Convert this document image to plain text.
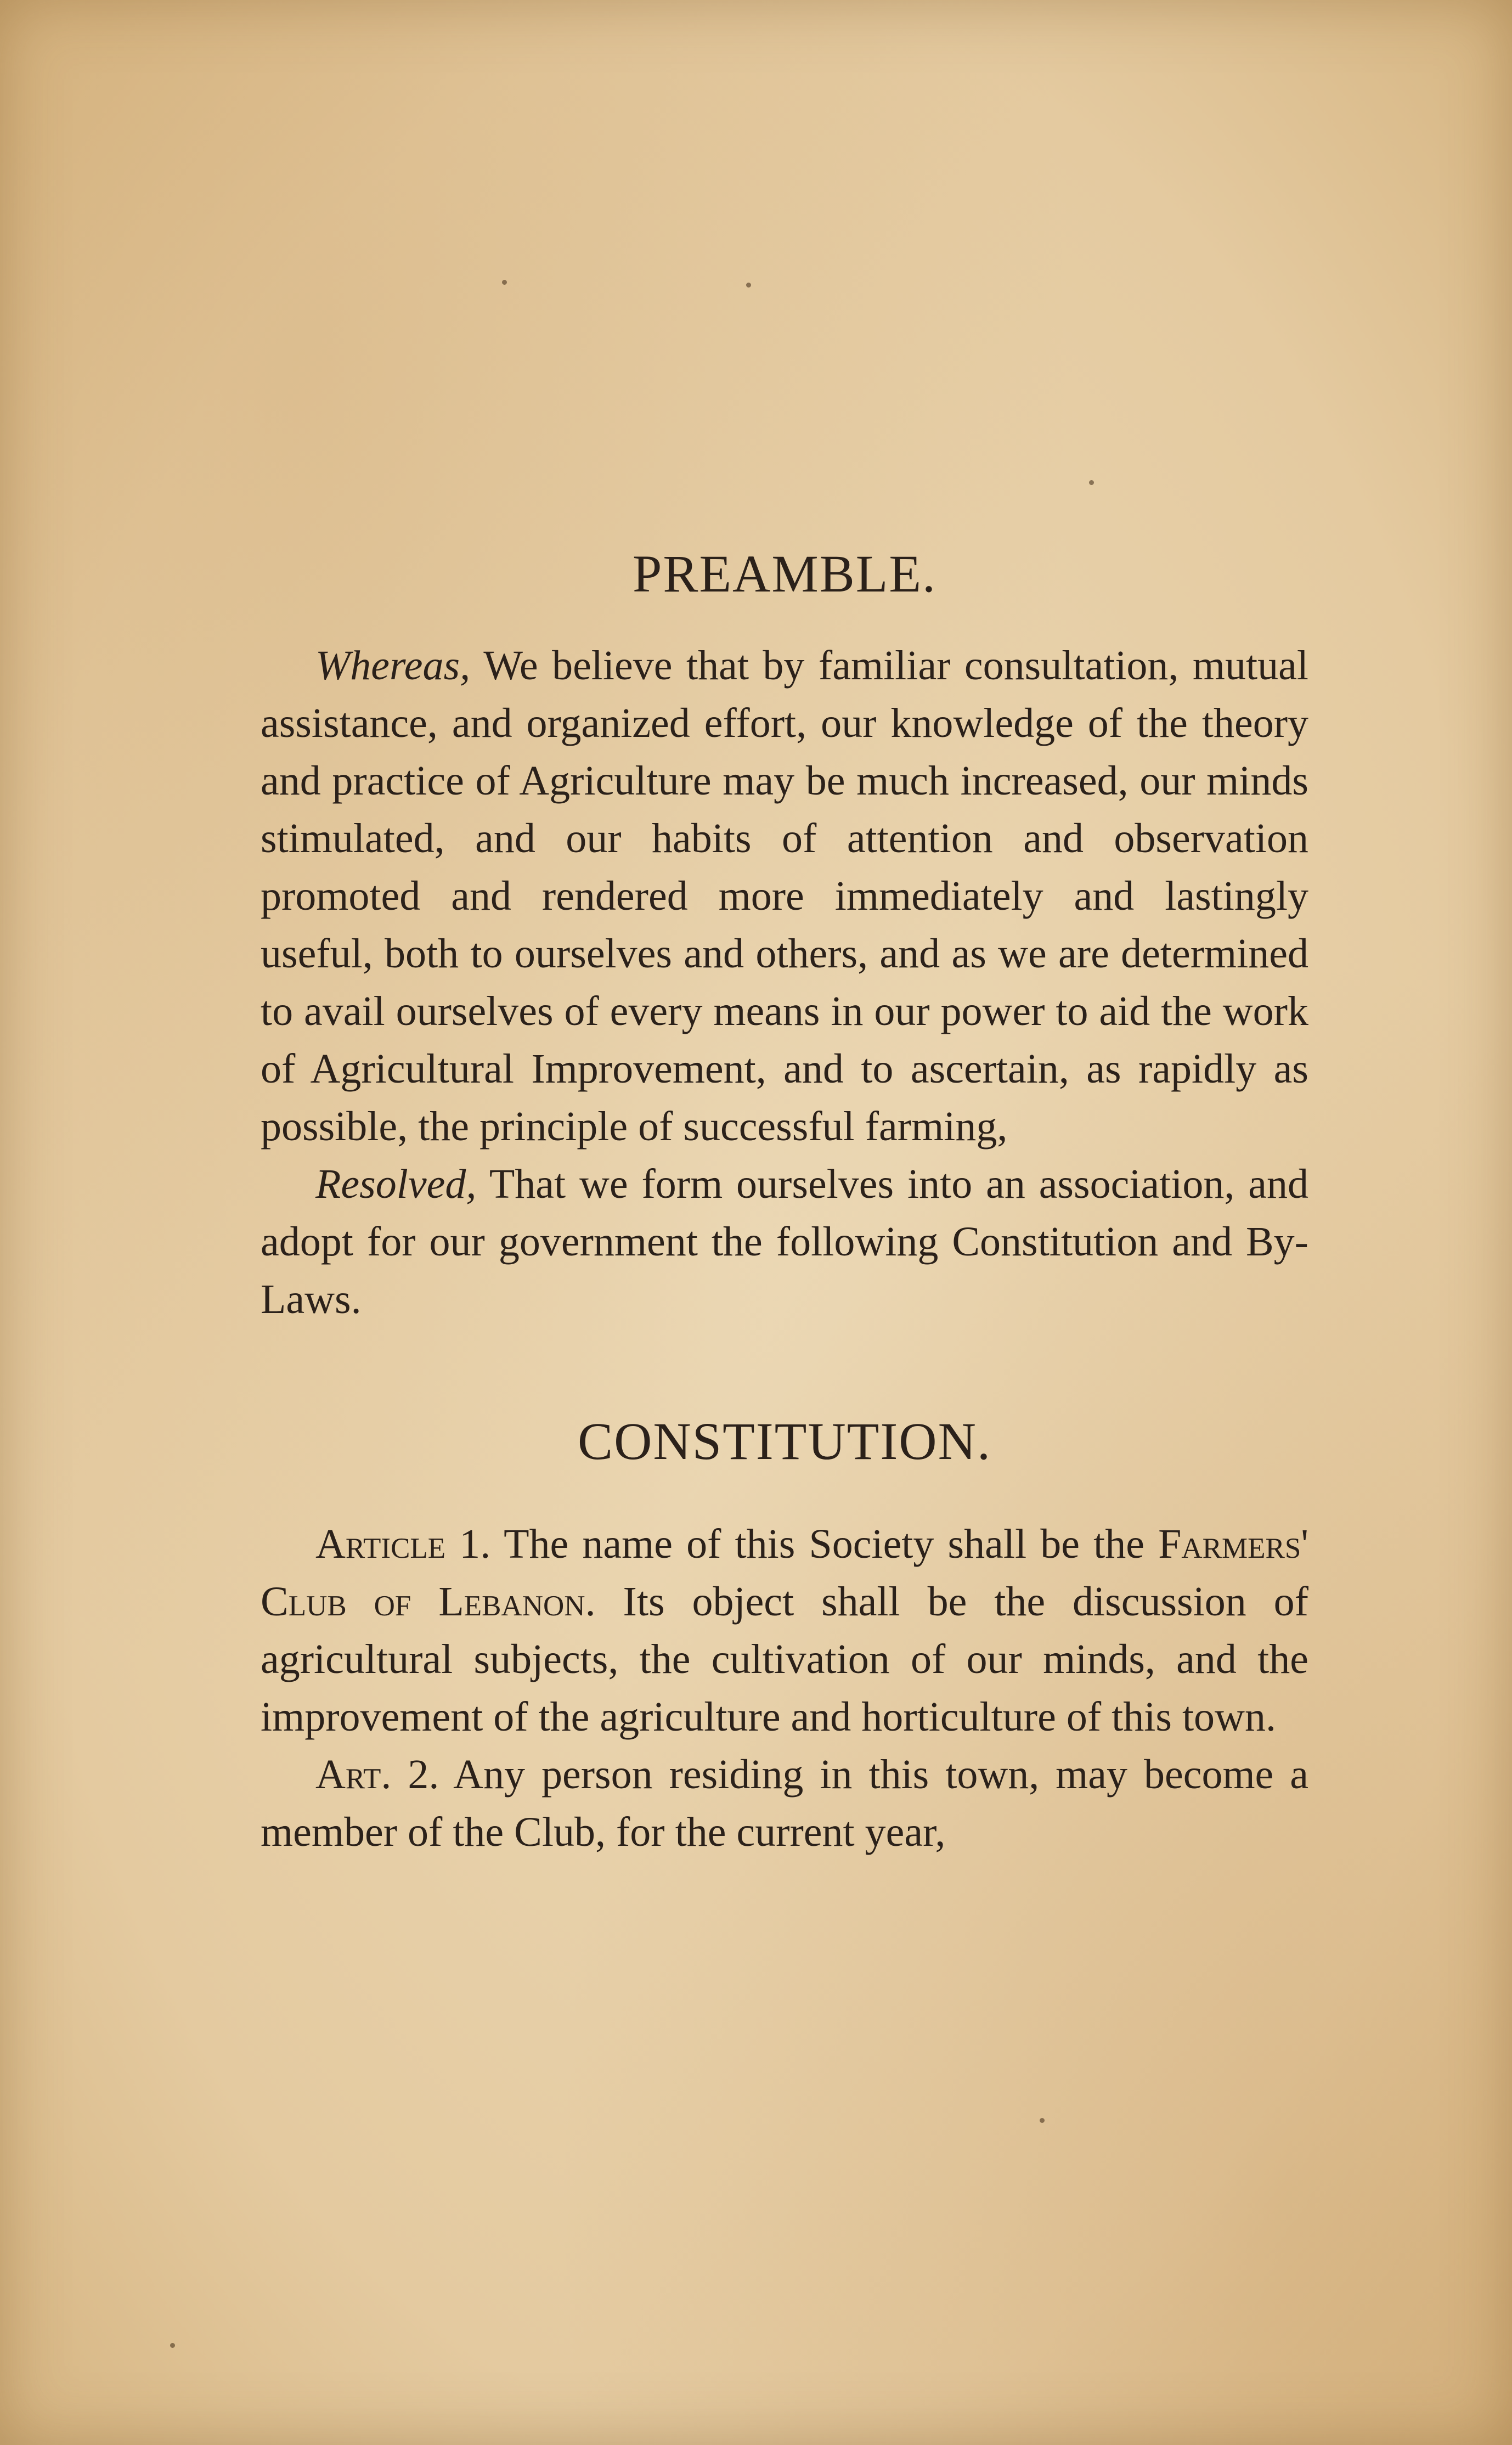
PREAMBLE.

Whereas, We believe that by familiar consultation, mutual assistance, and organized effort, our knowledge of the theory and practice of Agriculture may be much increased, our minds stimulated, and our habits of attention and observation promoted and rendered more immediately and lastingly useful, both to ourselves and others, and as we are determined to avail ourselves of every means in our power to aid the work of Agricultural Improvement, and to ascertain, as rapidly as possible, the principle of successful farming,

Resolved, That we form ourselves into an association, and adopt for our government the following Constitution and By-Laws.

CONSTITUTION.

Article 1. The name of this Society shall be the Farmers' Club of Lebanon. Its object shall be the discussion of agricultural subjects, the cultivation of our minds, and the improvement of the agriculture and horticulture of this town.

Art. 2. Any person residing in this town, may become a member of the Club, for the current year,
